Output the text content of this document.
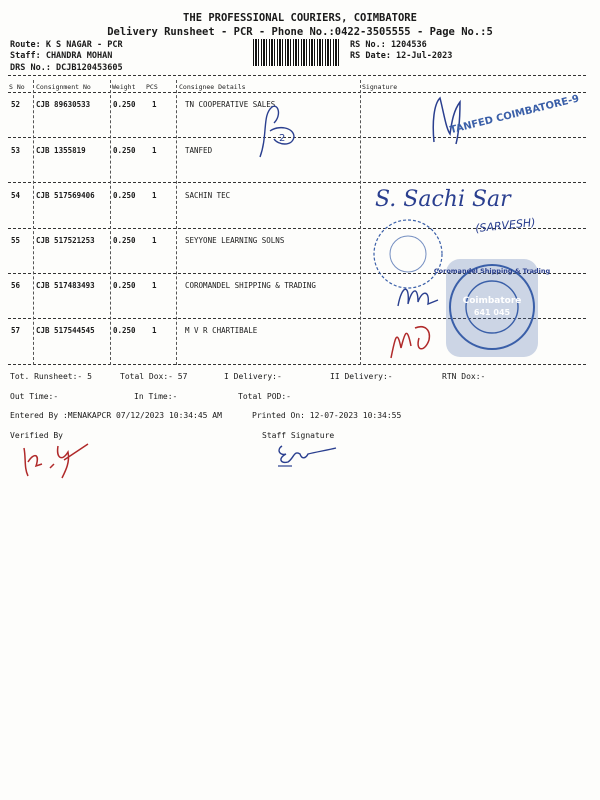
THE PROFESSIONAL COURIERS, COIMBATORE
Delivery Runsheet - PCR - Phone No.:0422-3505555 - Page No.:5
Route: K S NAGAR - PCR
Staff: CHANDRA MOHAN
DRS No.: DCJB120453605
RS No.: 1204536
RS Date: 12-Jul-2023
S No Consignment No	Weight PCS	Consignee Details	Signature
52 CJB 89630533	0.250 1	TN COOPERATIVE SALES
53 CJB 1355819	0.250 1	TANFED
54 CJB 517569406 0.250 1	SACHIN TEC
55 CJB 517521253 0.250 1	SEYYONE LEARNING SOLNS
56 CJB 517483493 0.250 1	COROMANDEL SHIPPING & TRADING
57 CJB 517544545 0.250 1	M V R CHARTIBALE
2
TANFED COIMBATORE-9
S. Sachi Sar
(SARVESH)
Coromandel Shipping & Trading
Coimbatore
641 045
Tot. Runsheet:- 5	Total Dox:- 57	I Delivery:-	II Delivery:-	RTN Dox:-
Out Time:-	In Time:-	Total POD:-
Entered By :MENAKAPCR 07/12/2023 10:34:45 AM	Printed On: 12-07-2023 10:34:55
Verified By	Staff Signature
